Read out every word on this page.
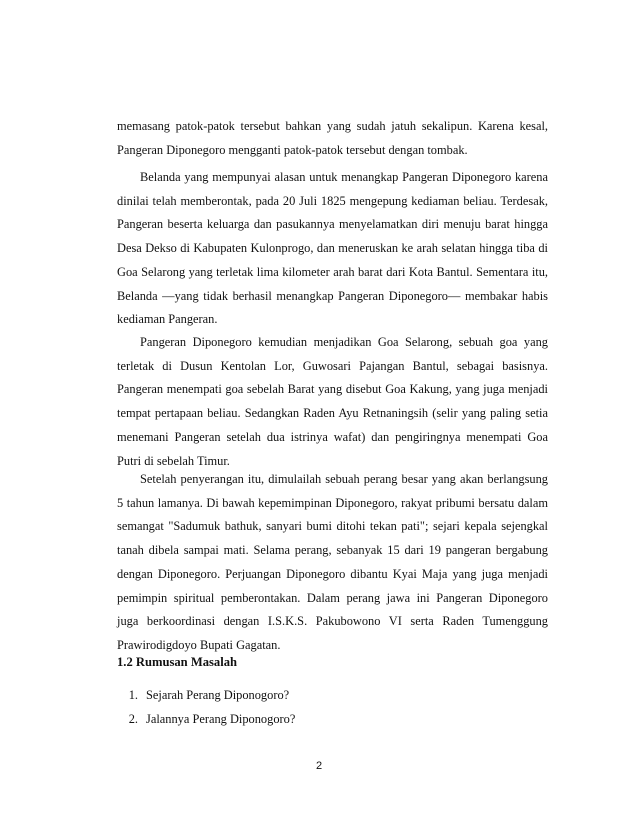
memasang patok-patok tersebut bahkan yang sudah jatuh sekalipun. Karena kesal,
Pangeran Diponegoro mengganti patok-patok tersebut dengan tombak.
Belanda yang mempunyai alasan untuk menangkap Pangeran Diponegoro karena
dinilai telah memberontak, pada 20 Juli 1825 mengepung kediaman beliau. Terdesak,
Pangeran beserta keluarga dan pasukannya menyelamatkan diri menuju barat hingga
Desa Dekso di Kabupaten Kulonprogo, dan meneruskan ke arah selatan hingga tiba di
Goa Selarong yang terletak lima kilometer arah barat dari Kota Bantul. Sementara itu,
Belanda —yang tidak berhasil menangkap Pangeran Diponegoro— membakar habis
kediaman Pangeran.
Pangeran Diponegoro kemudian menjadikan Goa Selarong, sebuah goa yang
terletak di Dusun Kentolan Lor, Guwosari Pajangan Bantul, sebagai basisnya.
Pangeran menempati goa sebelah Barat yang disebut Goa Kakung, yang juga menjadi
tempat pertapaan beliau. Sedangkan Raden Ayu Retnaningsih (selir yang paling setia
menemani Pangeran setelah dua istrinya wafat) dan pengiringnya menempati Goa
Putri di sebelah Timur.
Setelah penyerangan itu, dimulailah sebuah perang besar yang akan berlangsung
5 tahun lamanya. Di bawah kepemimpinan Diponegoro, rakyat pribumi bersatu dalam
semangat "Sadumuk bathuk, sanyari bumi ditohi tekan pati"; sejari kepala sejengkal
tanah dibela sampai mati. Selama perang, sebanyak 15 dari 19 pangeran bergabung
dengan Diponegoro. Perjuangan Diponegoro dibantu Kyai Maja yang juga menjadi
pemimpin spiritual pemberontakan. Dalam perang jawa ini Pangeran Diponegoro
juga berkoordinasi dengan I.S.K.S. Pakubowono VI serta Raden Tumenggung
Prawirodigdoyo Bupati Gagatan.
1.2 Rumusan Masalah
1. Sejarah Perang Diponogoro?
2. Jalannya Perang Diponogoro?
2
